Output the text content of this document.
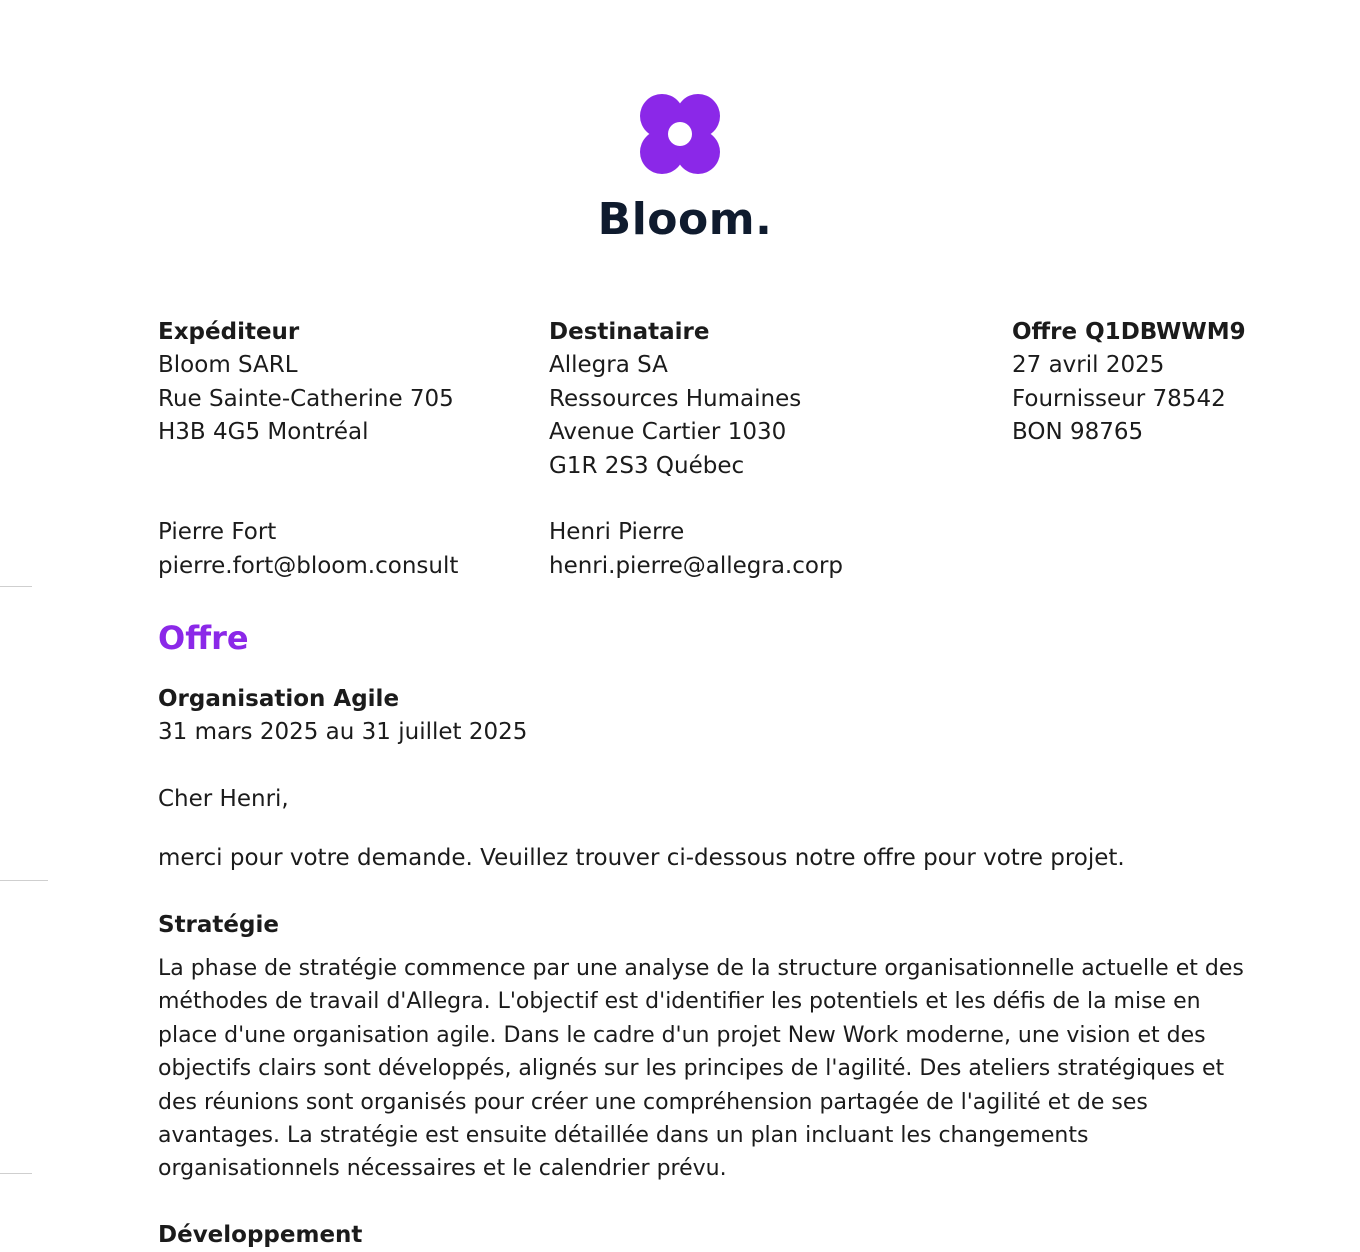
Bloom.
Expéditeur
Bloom SARL
Rue Sainte-Catherine 705
H3B 4G5 Montréal
Pierre Fort
pierre.fort@bloom.consult
Destinataire
Allegra SA
Ressources Humaines
Avenue Cartier 1030
G1R 2S3 Québec
Henri Pierre
henri.pierre@allegra.corp
Offre Q1DBWWM9
27 avril 2025
Fournisseur 78542
BON 98765
Offre
Organisation Agile
31 mars 2025 au 31 juillet 2025
Cher Henri,
merci pour votre demande. Veuillez trouver ci-dessous notre offre pour votre projet.
Stratégie
La phase de stratégie commence par une analyse de la structure organisationnelle actuelle et des méthodes de travail d'Allegra. L'objectif est d'identifier les potentiels et les défis de la mise en place d'une organisation agile. Dans le cadre d'un projet New Work moderne, une vision et des objectifs clairs sont développés, alignés sur les principes de l'agilité. Des ateliers stratégiques et des réunions sont organisés pour créer une compréhension partagée de l'agilité et de ses avantages. La stratégie est ensuite détaillée dans un plan incluant les changements organisationnels nécessaires et le calendrier prévu.
Développement
